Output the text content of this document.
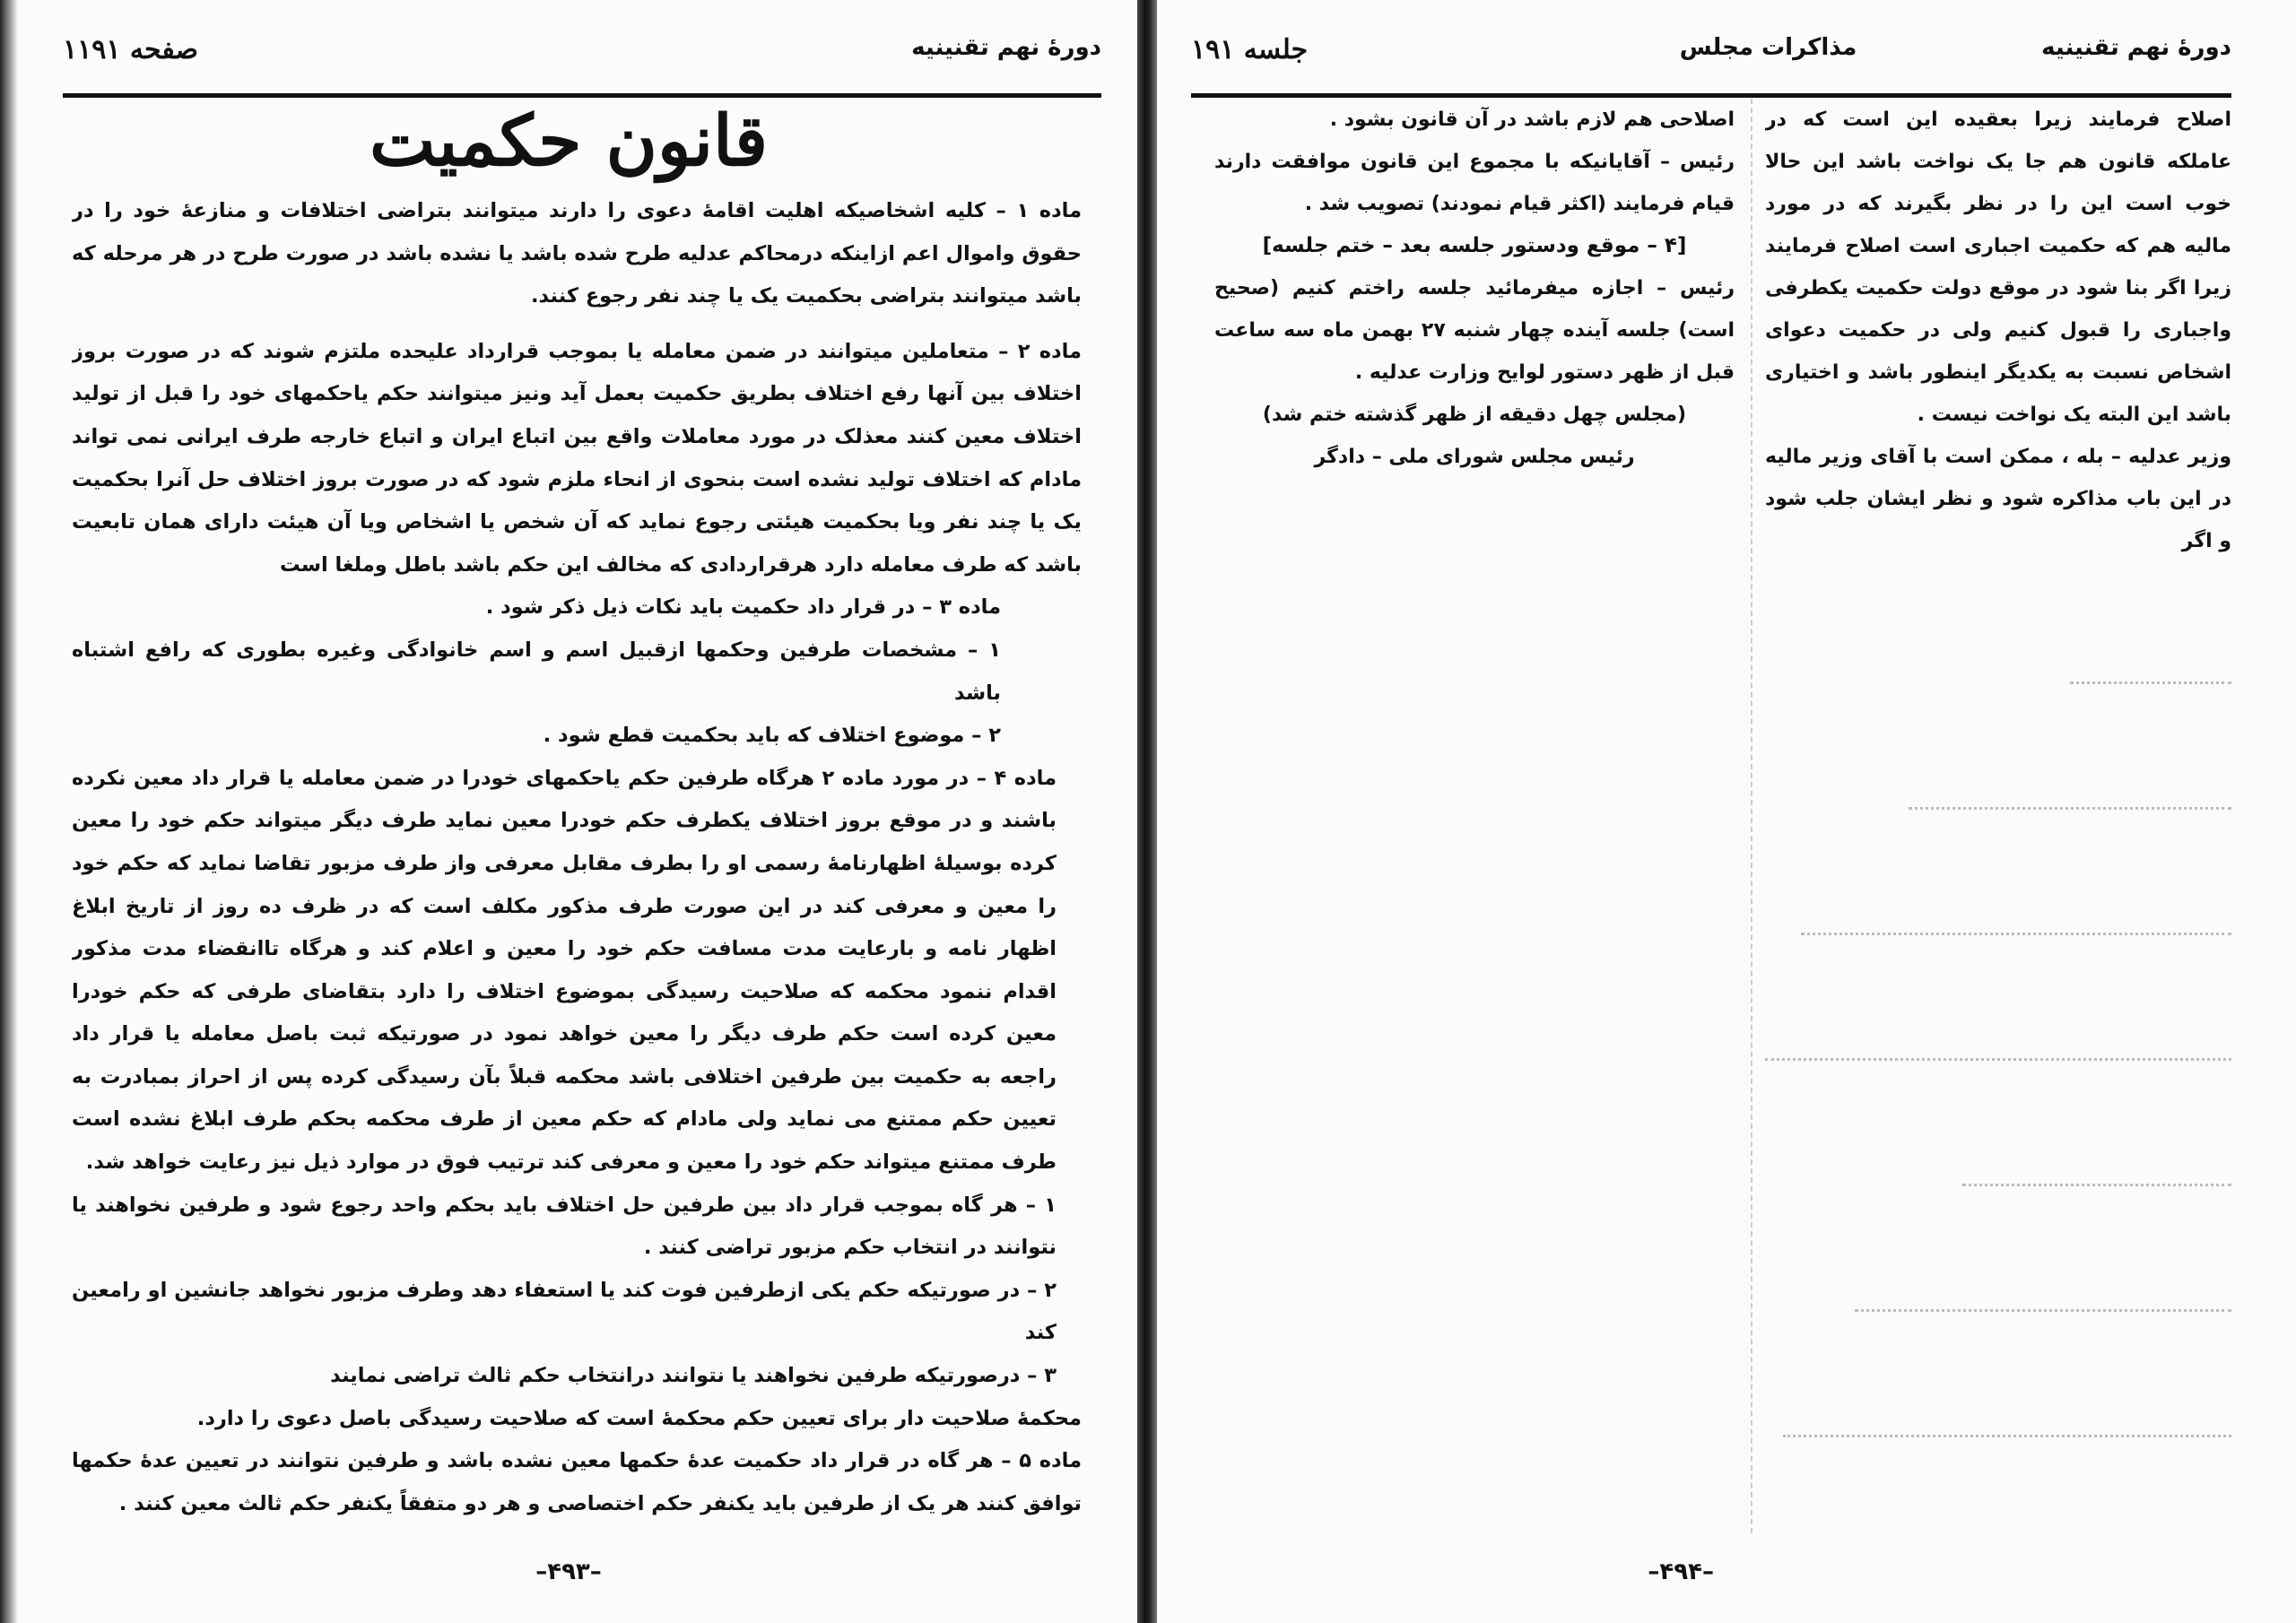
دورهٔ نهم تقنینیه
صفحه ۱۱۹۱
قانون حکمیت

ماده ۱ – کلیه اشخاصیکه اهلیت اقامهٔ دعوی را دارند میتوانند بتراضی اختلافات و منازعهٔ خود را در حقوق واموال اعم ازاینکه درمحاکم عدلیه طرح شده باشد یا نشده باشد در صورت طرح در هر مرحله که باشد میتوانند بتراضی بحکمیت یک یا چند نفر رجوع کنند.

ماده ۲ – متعاملین میتوانند در ضمن معامله یا بموجب قرارداد علیحده ملتزم شوند که در صورت بروز اختلاف بین آنها رفع اختلاف بطریق حکمیت بعمل آید ونیز میتوانند حکم یاحکمهای خود را قبل از تولید اختلاف معین کنند معذلک در مورد معاملات واقع بین اتباع ایران و اتباع خارجه طرف ایرانی نمی تواند مادام که اختلاف تولید نشده است بنحوی از انحاء ملزم شود که در صورت بروز اختلاف حل آنرا بحکمیت یک یا چند نفر ویا بحکمیت هیئتی رجوع نماید که آن شخص یا اشخاص ویا آن هیئت دارای همان تابعیت باشد که طرف معامله دارد هرقراردادی که مخالف این حکم باشد باطل وملغا است

ماده ۳ – در قرار داد حکمیت باید نکات ذیل ذکر شود .

۱ – مشخصات طرفین وحکمها ازقبیل اسم و اسم خانوادگی وغیره بطوری که رافع اشتباه باشد

۲ – موضوع اختلاف که باید بحکمیت قطع شود .

ماده ۴ – در مورد ماده ۲ هرگاه طرفین حکم یاحکمهای خودرا در ضمن معامله یا قرار داد معین نکرده باشند و در موقع بروز اختلاف یکطرف حکم خودرا معین نماید طرف دیگر میتواند حکم خود را معین کرده بوسیلهٔ اظهارنامهٔ رسمی او را بطرف مقابل معرفی واز طرف مزبور تقاضا نماید که حکم خود را معین و معرفی کند در این صورت طرف مذکور مکلف است که در ظرف ده روز از تاریخ ابلاغ اظهار نامه و بارعایت مدت مسافت حکم خود را معین و اعلام کند و هرگاه تاانقضاء مدت مذکور اقدام ننمود محکمه که صلاحیت رسیدگی بموضوع اختلاف را دارد بتقاضای طرفی که حکم خودرا معین کرده است حکم طرف دیگر را معین خواهد نمود در صورتیکه ثبت باصل معامله یا قرار داد راجعه به حکمیت بین طرفین اختلافی باشد محکمه قبلاً بآن رسیدگی کرده پس از احراز بمبادرت به تعیین حکم ممتنع می نماید ولی مادام که حکم معین از طرف محکمه بحکم طرف ابلاغ نشده است طرف ممتنع میتواند حکم خود را معین و معرفی کند ترتیب فوق در موارد ذیل نیز رعایت خواهد شد.

۱ – هر گاه بموجب قرار داد بین طرفین حل اختلاف باید بحکم واحد رجوع شود و طرفین نخواهند یا نتوانند در انتخاب حکم مزبور تراضی کنند .

۲ – در صورتیکه حکم یکی ازطرفین فوت کند یا استعفاء دهد وطرف مزبور نخواهد جانشین او رامعین کند

۳ – درصورتیکه طرفین نخواهند یا نتوانند درانتخاب حکم ثالث تراضی نمایند

محکمهٔ صلاحیت دار برای تعیین حکم محکمهٔ است که صلاحیت رسیدگی باصل دعوی را دارد.

ماده ۵ – هر گاه در قرار داد حکمیت عدهٔ حکمها معین نشده باشد و طرفین نتوانند در تعیین عدهٔ حکمها توافق کنند هر یک از طرفین باید یکنفر حکم اختصاصی و هر دو متفقاً یکنفر حکم ثالث معین کنند .

–۴۹۳–
دورهٔ نهم تقنینیه
مذاکرات مجلس
جلسه ۱۹۱

اصلاح فرمایند زیرا بعقیده این است که در عاملکه قانون هم جا یک نواخت باشد این حالا خوب است این را در نظر بگیرند که در مورد مالیه هم که حکمیت اجباری است اصلاح فرمایند زیرا اگر بنا شود در موقع دولت حکمیت یکطرفی واجباری را قبول کنیم ولی در حکمیت دعوای اشخاص نسبت به یکدیگر اینطور باشد و اختیاری باشد این البته یک نواخت نیست .

وزیر عدلیه – بله ، ممکن است با آقای وزیر مالیه در این باب مذاکره شود و نظر ایشان جلب شود و اگر

اصلاحی هم لازم باشد در آن قانون بشود .

رئیس – آقایانیکه با مجموع این قانون موافقت دارند قیام فرمایند (اکثر قیام نمودند) تصویب شد .

[۴ – موقع ودستور جلسه بعد – ختم جلسه]

رئیس – اجازه میفرمائید جلسه راختم کنیم (صحیح است) جلسه آینده چهار شنبه ۲۷ بهمن ماه سه ساعت قبل از ظهر دستور لوایح وزارت عدلیه .

(مجلس چهل دقیقه از ظهر گذشته ختم شد)

رئیس مجلس شورای ملی – دادگر

–۴۹۴–
